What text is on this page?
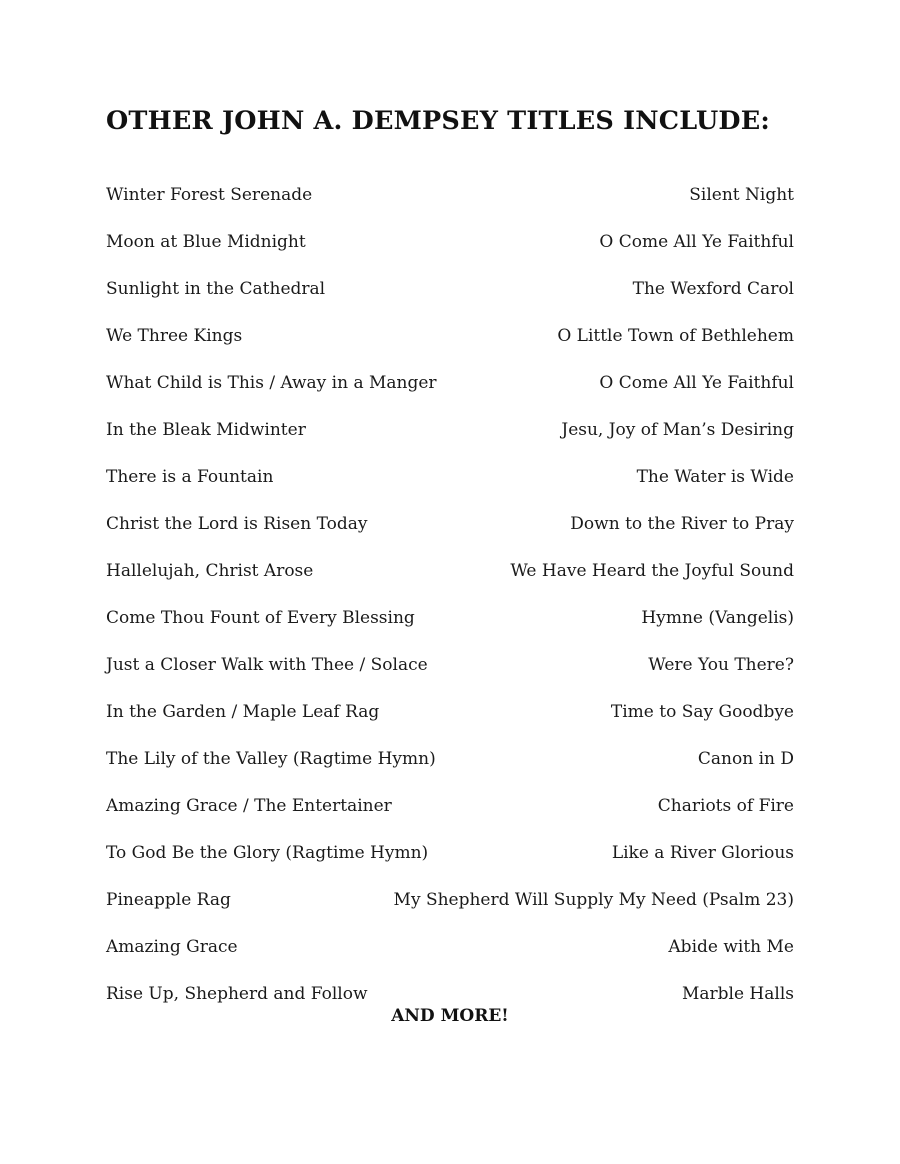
OTHER JOHN A. DEMPSEY TITLES INCLUDE:
Winter Forest Serenade	Silent Night
Moon at Blue Midnight	O Come All Ye Faithful
Sunlight in the Cathedral	The Wexford Carol
We Three Kings	O Little Town of Bethlehem
What Child is This / Away in a Manger	O Come All Ye Faithful
In the Bleak Midwinter	Jesu, Joy of Man’s Desiring
There is a Fountain	The Water is Wide
Christ the Lord is Risen Today	Down to the River to Pray
Hallelujah, Christ Arose	We Have Heard the Joyful Sound
Come Thou Fount of Every Blessing	Hymne (Vangelis)
Just a Closer Walk with Thee / Solace	Were You There?
In the Garden / Maple Leaf Rag	Time to Say Goodbye
The Lily of the Valley (Ragtime Hymn)	Canon in D
Amazing Grace / The Entertainer	Chariots of Fire
To God Be the Glory (Ragtime Hymn)	Like a River Glorious
Pineapple Rag	My Shepherd Will Supply My Need (Psalm 23)
Amazing Grace	Abide with Me
Rise Up, Shepherd and Follow	Marble Halls
AND MORE!
